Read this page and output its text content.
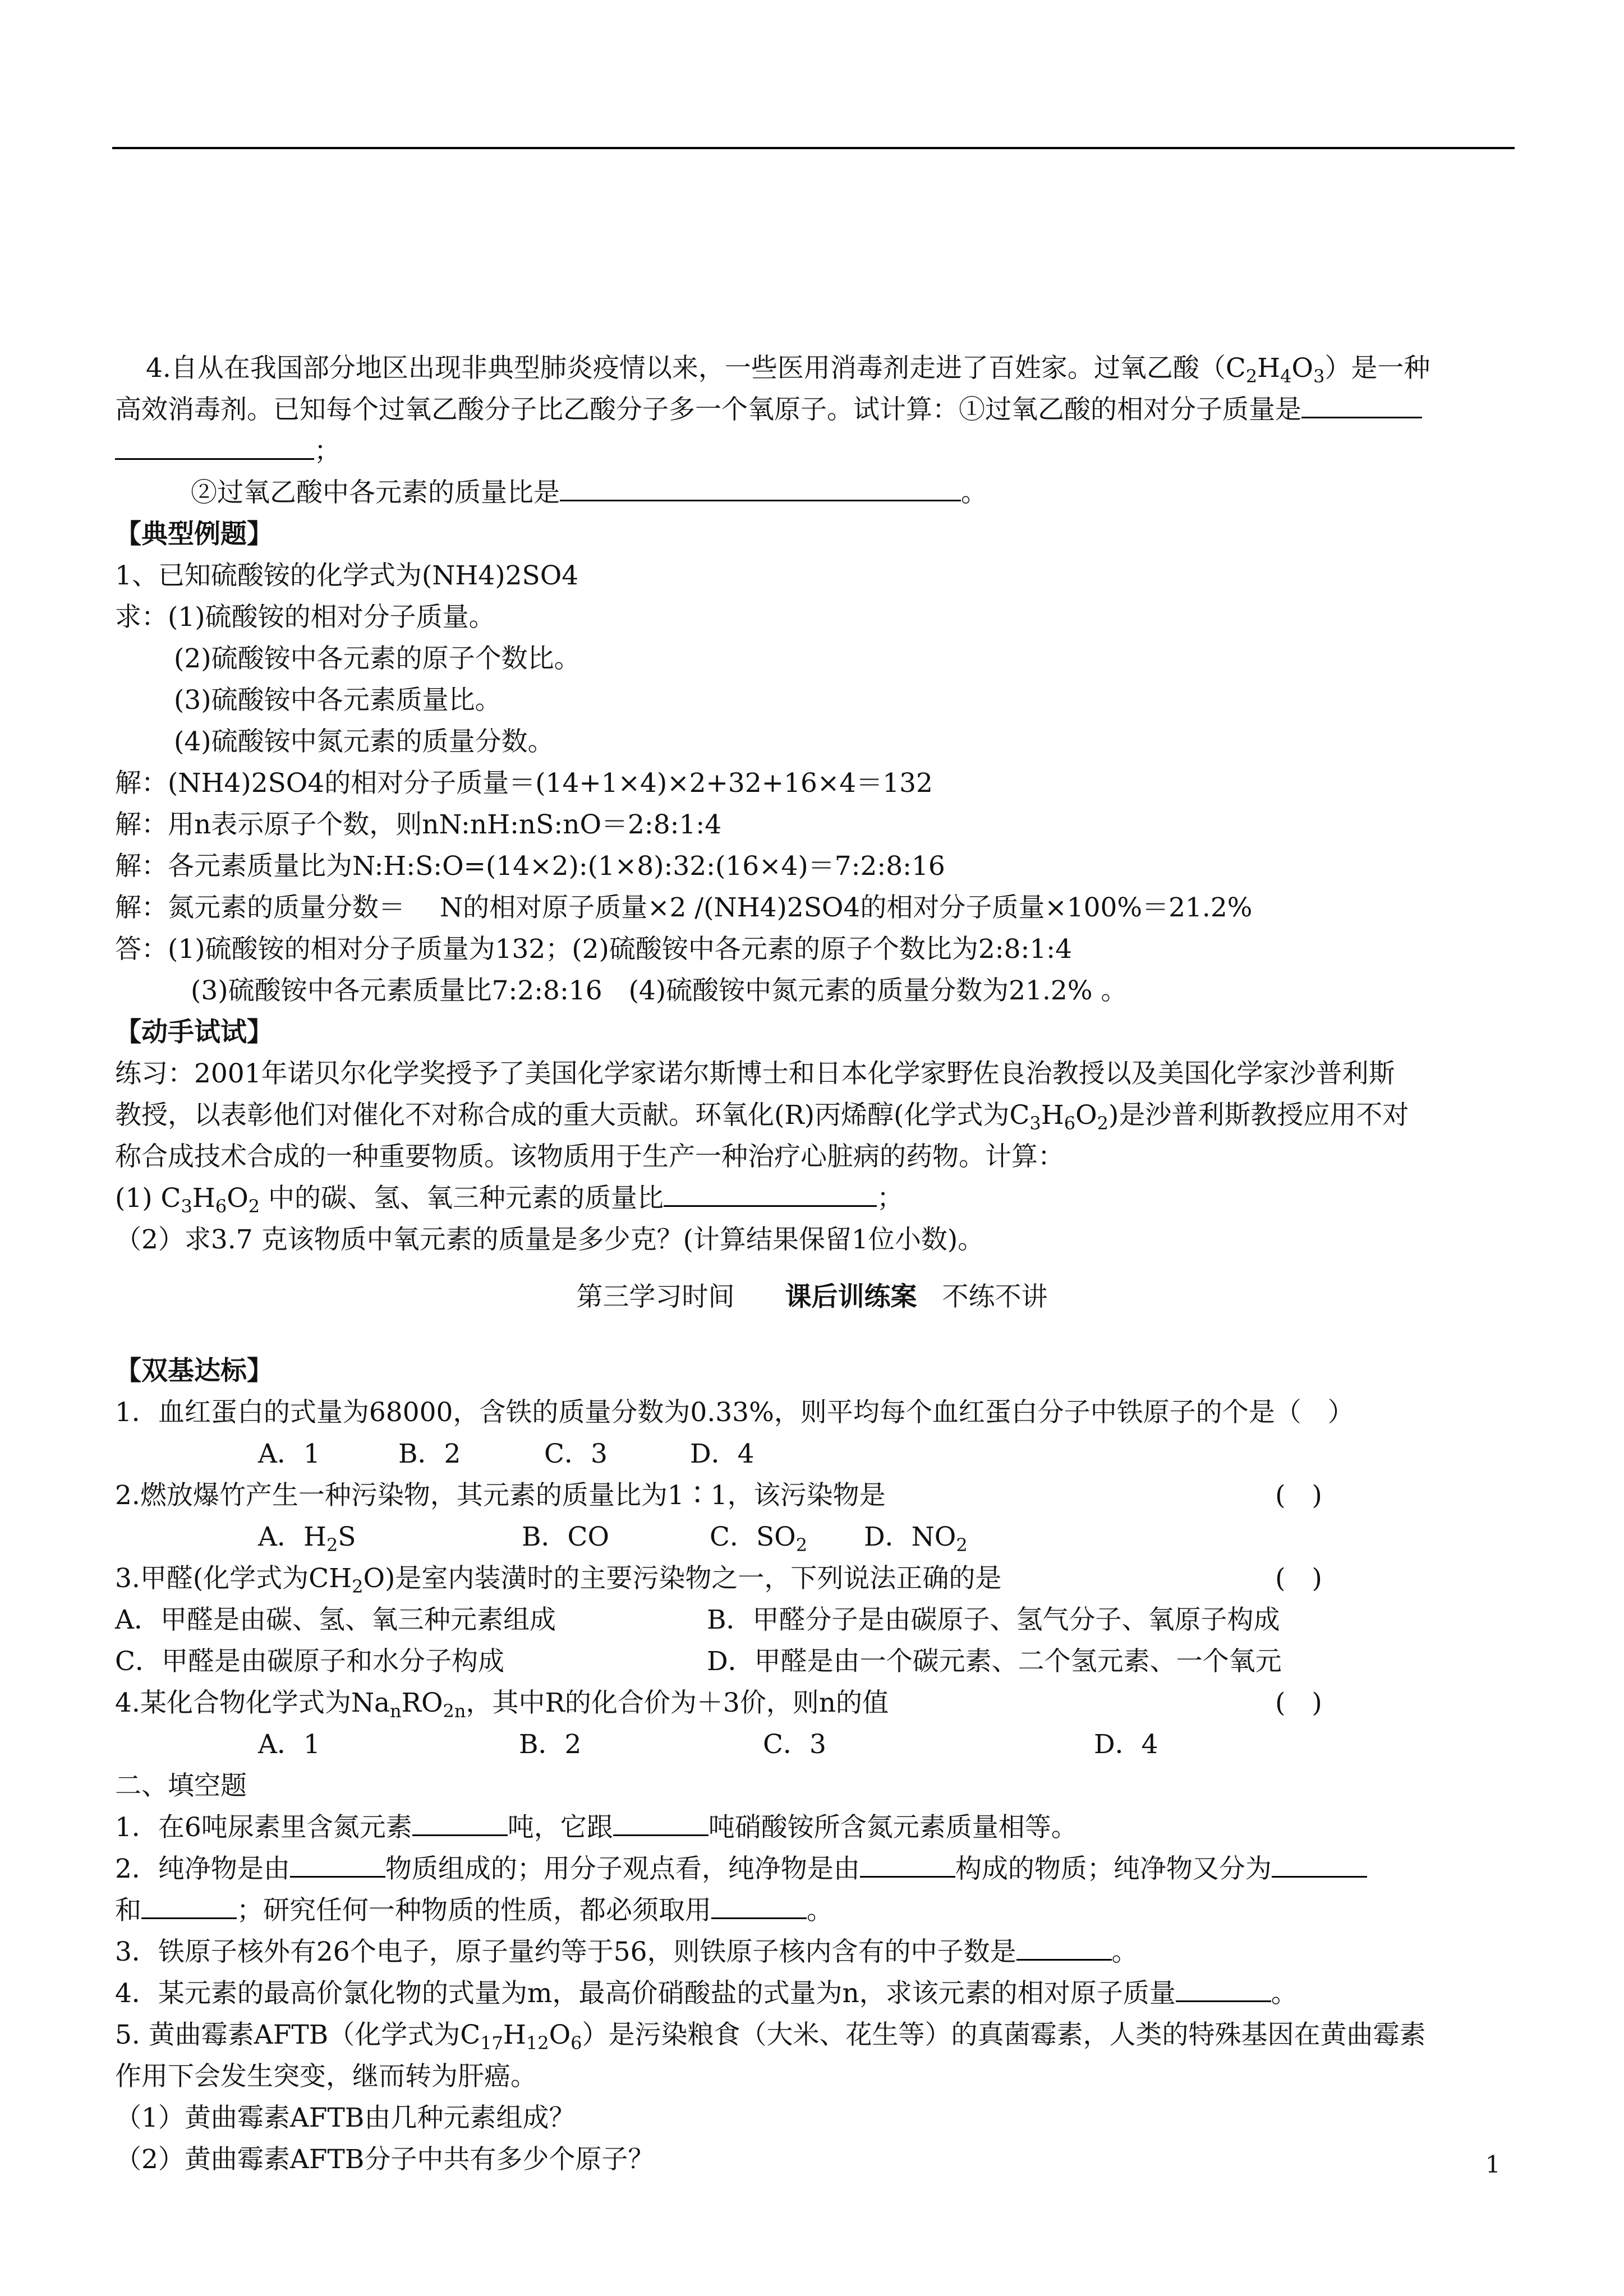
4.自从在我国部分地区出现非典型肺炎疫情以来，一些医用消毒剂走进了百姓家。过氧乙酸$(C_2H_4O_3)$是一种
高效消毒剂。已知每个过氧乙酸分子比乙酸分子多一个氧原子。试计算：①过氧乙酸的相对分子质量是
；
②过氧乙酸中各元素的质量比是	。
【典型例题】
1、已知硫酸铵的化学式为(NH4)2SO4
求：(1)硫酸铵的相对分子质量。
(2)硫酸铵中各元素的原子个数比。
(3)硫酸铵中各元素质量比。
(4)硫酸铵中氮元素的质量分数。
解：(NH4)2SO4的相对分子质量＝(14+1×4)×2+32+16×4＝132
解：用n表示原子个数，则nN:nH:nS:nO＝2:8:1:4
解：各元素质量比为N:H:S:O=(14×2):(1×8):32:(16×4)＝7:2:8:16
解：氮元素的质量分数＝　 N的相对原子质量×2 /(NH4)2SO4的相对分子质量×100%＝21.2%
答：(1)硫酸铵的相对分子质量为132；(2)硫酸铵中各元素的原子个数比为2:8:1:4
(3)硫酸铵中各元素质量比7:2:8:16　(4)硫酸铵中氮元素的质量分数为21.2% 。
【动手试试】
练习：2001年诺贝尔化学奖授予了美国化学家诺尔斯博士和日本化学家野佐良治教授以及美国化学家沙普利斯
教授，以表彰他们对催化不对称合成的重大贡献。环氧化(R)丙烯醇(化学式为$C_3H_6O_2$)是沙普利斯教授应用不对
称合成技术合成的一种重要物质。该物质用于生产一种治疗心脏病的药物。计算：
(1) $C_3H_6O_2$ 中的碳、氢、氧三种元素的质量比	；
（2）求3.7 克该物质中氧元素的质量是多少克？(计算结果保留1位小数)。
第三学习时间 课后训练案 不练不讲
【双基达标】
1．血红蛋白的式量为68000，含铁的质量分数为0.33%，则平均每个血红蛋白分子中铁原子的个是（　）
A．1	B．2	C．3	D．4
2.燃放爆竹产生一种污染物，其元素的质量比为1∶1，该污染物是	(　)
A．$H_2S$	B．CO	C．$SO_2$ D．$NO_2$
3.甲醛(化学式为$CH_2O$)是室内装潢时的主要污染物之一，下列说法正确的是	(　)
A．甲醛是由碳、氢、氧三种元素组成	B．甲醛分子是由碳原子、氢气分子、氧原子构成
C．甲醛是由碳原子和水分子构成	D．甲醛是由一个碳元素、二个氢元素、一个氧元
4.某化合物化学式为$Na_nRO_{2n}$，其中R的化合价为＋3价，则n的值	(　)
A．1	B．2	C．3	D．4
二、填空题
1．在6吨尿素里含氮元素	吨，它跟	吨硝酸铵所含氮元素质量相等。
2．纯净物是由	物质组成的；用分子观点看，纯净物是由	构成的物质；纯净物又分为
和	；研究任何一种物质的性质，都必须取用	。
3．铁原子核外有26个电子，原子量约等于56，则铁原子核内含有的中子数是	。
4．某元素的最高价氯化物的式量为m，最高价硝酸盐的式量为n，求该元素的相对原子质量	。
5. 黄曲霉素AFTB（化学式为$C_{17}H_{12}O_6$）是污染粮食（大米、花生等）的真菌霉素，人类的特殊基因在黄曲霉素
作用下会发生突变，继而转为肝癌。
（1）黄曲霉素AFTB由几种元素组成？
（2）黄曲霉素AFTB分子中共有多少个原子？	1
